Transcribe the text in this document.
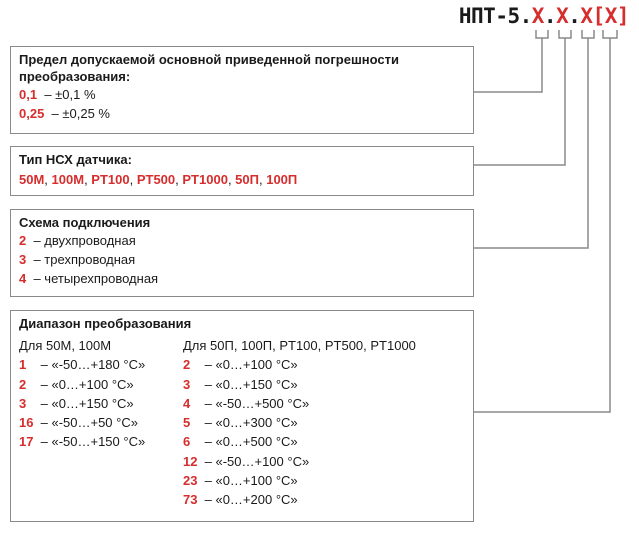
НПТ-5.X.X.X[X]
Предел допускаемой основной приведенной погрешности
преобразования:
0,1 – ±0,1 %
0,25 – ±0,25 %
Тип НСХ датчика:
50М, 100М, PT100, PT500, PT1000, 50П, 100П
Схема подключения
2 – двухпроводная
3 – трехпроводная
4 – четырехпроводная
Диапазон преобразования
Для 50М, 100М
1 – «-50…+180 °C»
2 – «0…+100 °C»
3 – «0…+150 °C»
16 – «-50…+50 °C»
17 – «-50…+150 °C»
Для 50П, 100П, PT100, PT500, PT1000
2 – «0…+100 °C»
3 – «0…+150 °C»
4 – «-50…+500 °C»
5 – «0…+300 °C»
6 – «0…+500 °C»
12 – «-50…+100 °C»
23 – «0…+100 °C»
73 – «0…+200 °C»
